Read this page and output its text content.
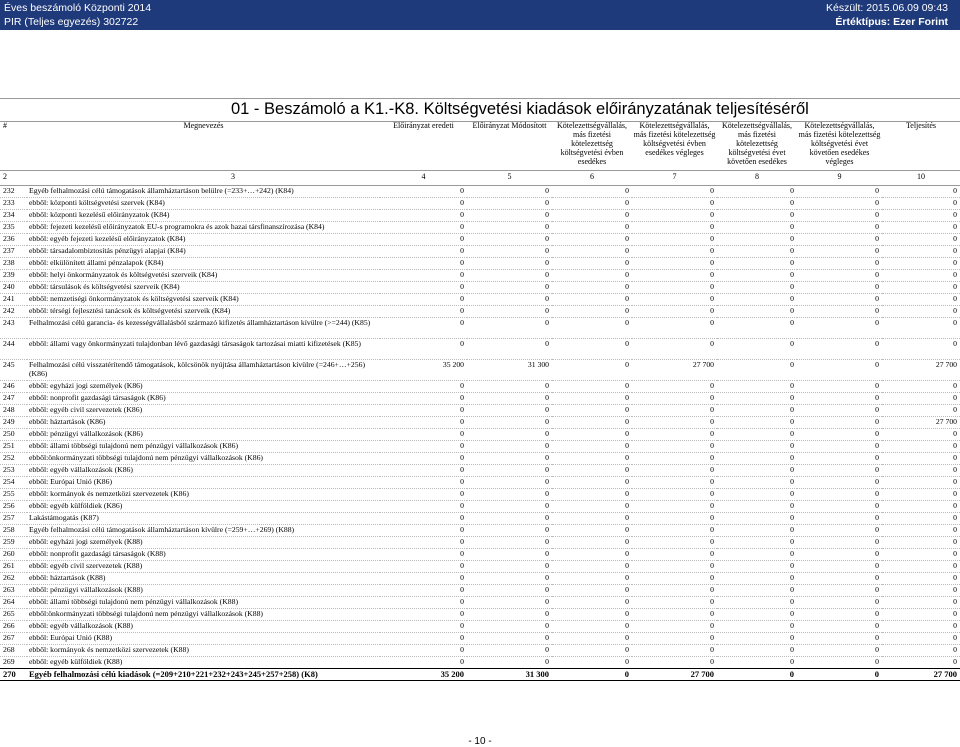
Éves beszámoló Központi 2014
PIR (Teljes egyezés) 302722
Készült: 2015.06.09 09:43
Értéktípus: Ezer Forint
01 - Beszámoló a K1.-K8. Költségvetési kiadások előirányzatának teljesítéséről
#	Megnevezés	Előirányzat eredeti	Előirányzat Módosított	Kötelezettségvállalás, más fizetési kötelezettség költségvetési évben esedékes	Kötelezettségvállalás, más fizetési kötelezettség költségvetési évben esedékes végleges	Kötelezettségvállalás, más fizetési kötelezettség költségvetési évet követően esedékes	Kötelezettségvállalás, más fizetési kötelezettség költségvetési évet követően esedékes végleges	Teljesítés
2	3	4	5	6	7	8	9	10
232	Egyéb felhalmozási célú támogatások államháztartáson belülre (=233+…+242) (K84)	0	0	0	0	0	0	0
233	ebből: központi költségvetési szervek (K84)	0	0	0	0	0	0	0
234	ebből: központi kezelésű előirányzatok (K84)	0	0	0	0	0	0	0
235	ebből: fejezeti kezelésű előirányzatok EU-s programokra és azok hazai társfinanszírozása (K84)	0	0	0	0	0	0	0
236	ebből: egyéb fejezeti kezelésű előirányzatok (K84)	0	0	0	0	0	0	0
237	ebből: társadalombiztosítás pénzügyi alapjai (K84)	0	0	0	0	0	0	0
238	ebből: elkülönített állami pénzalapok (K84)	0	0	0	0	0	0	0
239	ebből: helyi önkormányzatok és költségvetési szerveik (K84)	0	0	0	0	0	0	0
240	ebből: társulások és költségvetési szerveik (K84)	0	0	0	0	0	0	0
241	ebből: nemzetiségi önkormányzatok és költségvetési szerveik (K84)	0	0	0	0	0	0	0
242	ebből: térségi fejlesztési tanácsok és költségvetési szerveik (K84)	0	0	0	0	0	0	0
243	Felhalmozási célú garancia- és kezességvállalásból származó kifizetés államháztartáson kívülre (>=244) (K85)	0	0	0	0	0	0	0
244	ebből: állami vagy önkormányzati tulajdonban lévő gazdasági társaságok tartozásai miatti kifizetések (K85)	0	0	0	0	0	0	0
245	Felhalmozási célú visszatérítendő támogatások, kölcsönök nyújtása államháztartáson kívülre (=246+…+256) (K86)	35 200	31 300	0	27 700	0	0	27 700
246	ebből: egyházi jogi személyek (K86)	0	0	0	0	0	0	0
247	ebből: nonprofit gazdasági társaságok (K86)	0	0	0	0	0	0	0
248	ebből: egyéb civil szervezetek (K86)	0	0	0	0	0	0	0
249	ebből: háztartások (K86)	0	0	0	0	0	0	27 700
250	ebből: pénzügyi vállalkozások (K86)	0	0	0	0	0	0	0
251	ebből: állami többségi tulajdonú nem pénzügyi vállalkozások (K86)	0	0	0	0	0	0	0
252	ebből:önkormányzati többségi tulajdonú nem pénzügyi vállalkozások (K86)	0	0	0	0	0	0	0
253	ebből: egyéb vállalkozások (K86)	0	0	0	0	0	0	0
254	ebből: Európai Unió (K86)	0	0	0	0	0	0	0
255	ebből: kormányok és nemzetközi szervezetek (K86)	0	0	0	0	0	0	0
256	ebből: egyéb külföldiek (K86)	0	0	0	0	0	0	0
257	Lakástámogatás (K87)	0	0	0	0	0	0	0
258	Egyéb felhalmozási célú támogatások államháztartáson kívülre (=259+…+269) (K88)	0	0	0	0	0	0	0
259	ebből: egyházi jogi személyek (K88)	0	0	0	0	0	0	0
260	ebből: nonprofit gazdasági társaságok (K88)	0	0	0	0	0	0	0
261	ebből: egyéb civil szervezetek (K88)	0	0	0	0	0	0	0
262	ebből: háztartások (K88)	0	0	0	0	0	0	0
263	ebből: pénzügyi vállalkozások (K88)	0	0	0	0	0	0	0
264	ebből: állami többségi tulajdonú nem pénzügyi vállalkozások (K88)	0	0	0	0	0	0	0
265	ebből:önkormányzati többségi tulajdonú nem pénzügyi vállalkozások (K88)	0	0	0	0	0	0	0
266	ebből: egyéb vállalkozások (K88)	0	0	0	0	0	0	0
267	ebből: Európai Unió (K88)	0	0	0	0	0	0	0
268	ebből: kormányok és nemzetközi szervezetek (K88)	0	0	0	0	0	0	0
269	ebből: egyéb külföldiek (K88)	0	0	0	0	0	0	0
270	Egyéb felhalmozási célú kiadások (=209+210+221+232+243+245+257+258) (K8)	35 200	31 300	0	27 700	0	0	27 700
- 10 -
